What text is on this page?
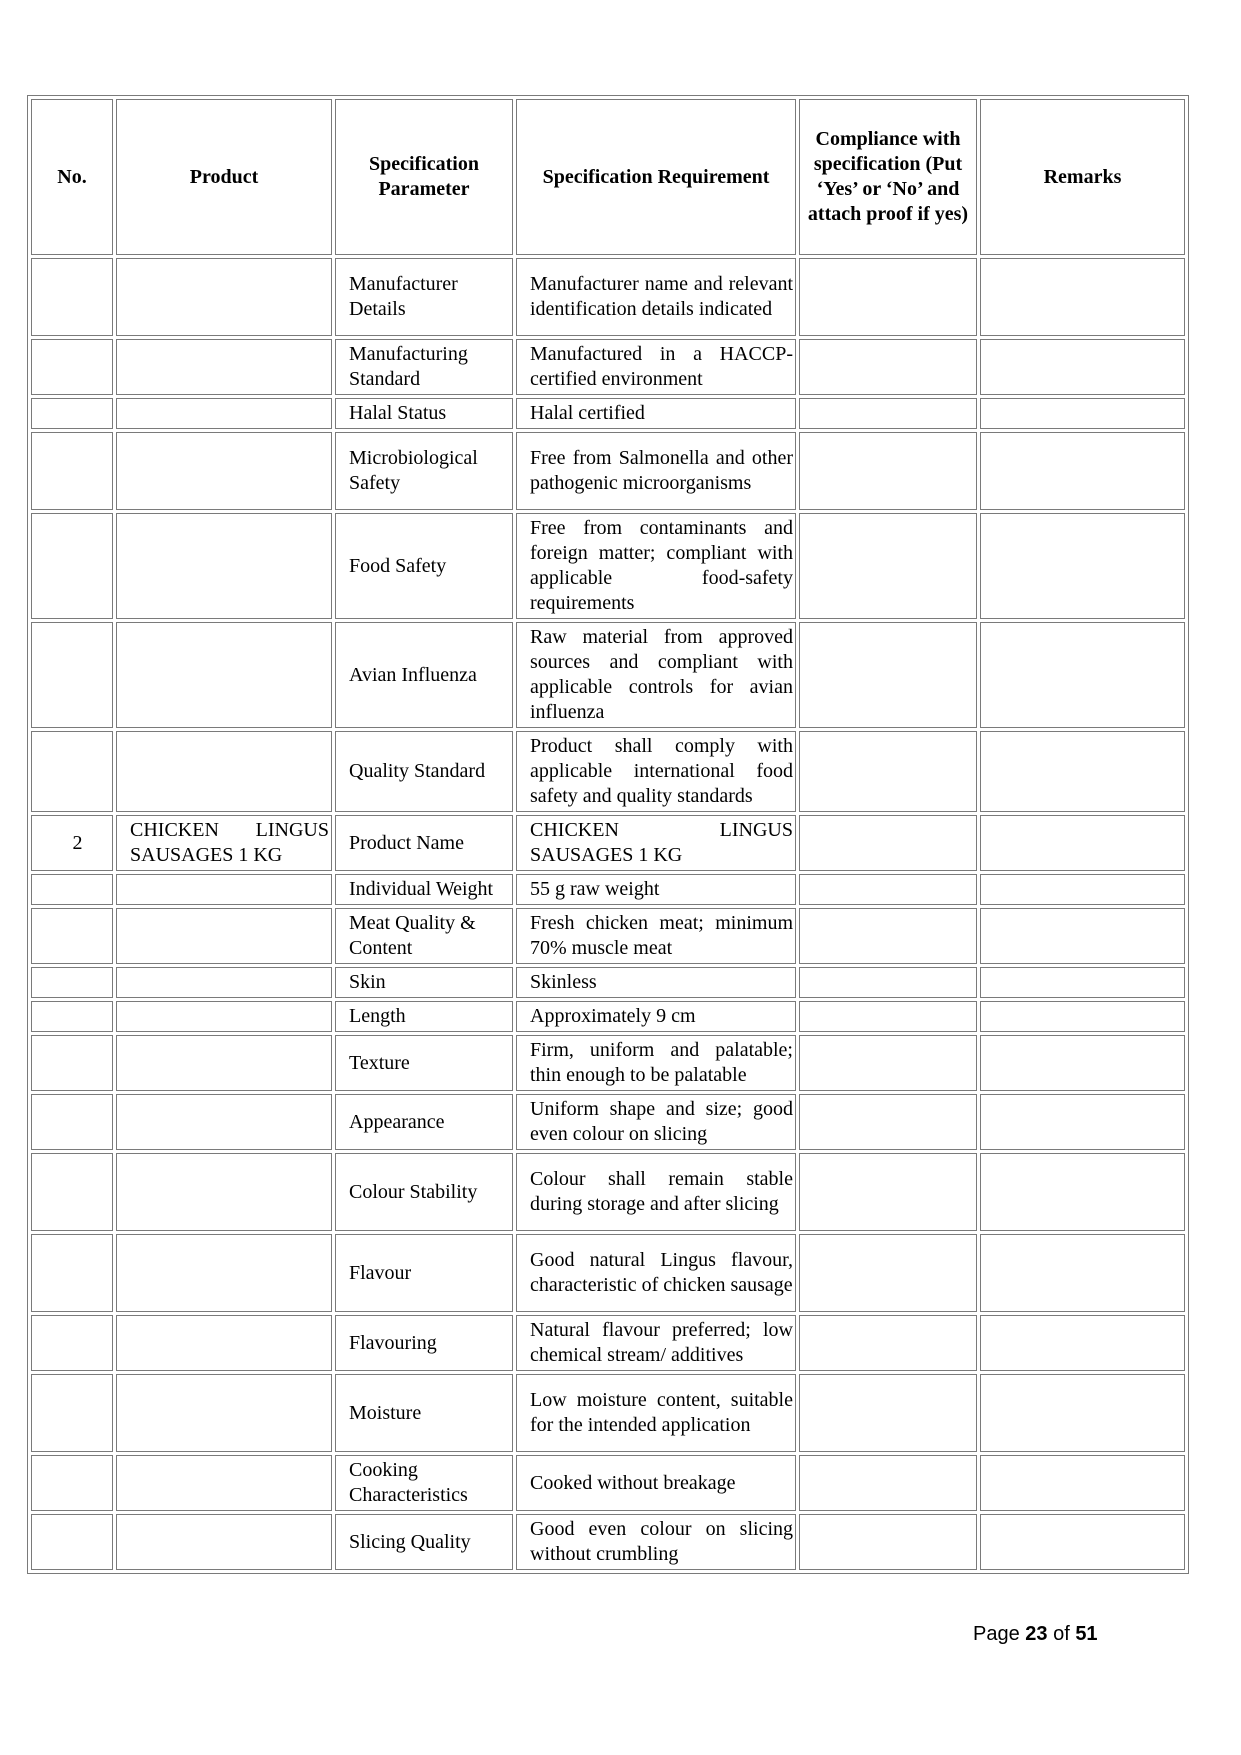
No.	Product	Specification Parameter	Specification Requirement	Compliance with specification (Put ‘Yes’ or ‘No’ and attach proof if yes)	Remarks
		Manufacturer Details	Manufacturer name and relevant identification details indicated		
		Manufacturing Standard	Manufactured in a HACCP-certified environment		
		Halal Status	Halal certified		
		Microbiological Safety	Free from Salmonella and other pathogenic microorganisms		
		Food Safety	Free from contaminants and foreign matter; compliant with applicable food-safety requirements		
		Avian Influenza	Raw material from approved sources and compliant with applicable controls for avian influenza		
		Quality Standard	Product shall comply with applicable international food safety and quality standards		
2	CHICKEN LINGUS SAUSAGES 1 KG	Product Name	CHICKEN LINGUS SAUSAGES 1 KG		
		Individual Weight	55 g raw weight		
		Meat Quality & Content	Fresh chicken meat; minimum 70% muscle meat		
		Skin	Skinless		
		Length	Approximately 9 cm		
		Texture	Firm, uniform and palatable; thin enough to be palatable		
		Appearance	Uniform shape and size; good even colour on slicing		
		Colour Stability	Colour shall remain stable during storage and after slicing		
		Flavour	Good natural Lingus flavour, characteristic of chicken sausage		
		Flavouring	Natural flavour preferred; low chemical stream/ additives		
		Moisture	Low moisture content, suitable for the intended application		
		Cooking Characteristics	Cooked without breakage		
		Slicing Quality	Good even colour on slicing without crumbling		
Page 23 of 51
